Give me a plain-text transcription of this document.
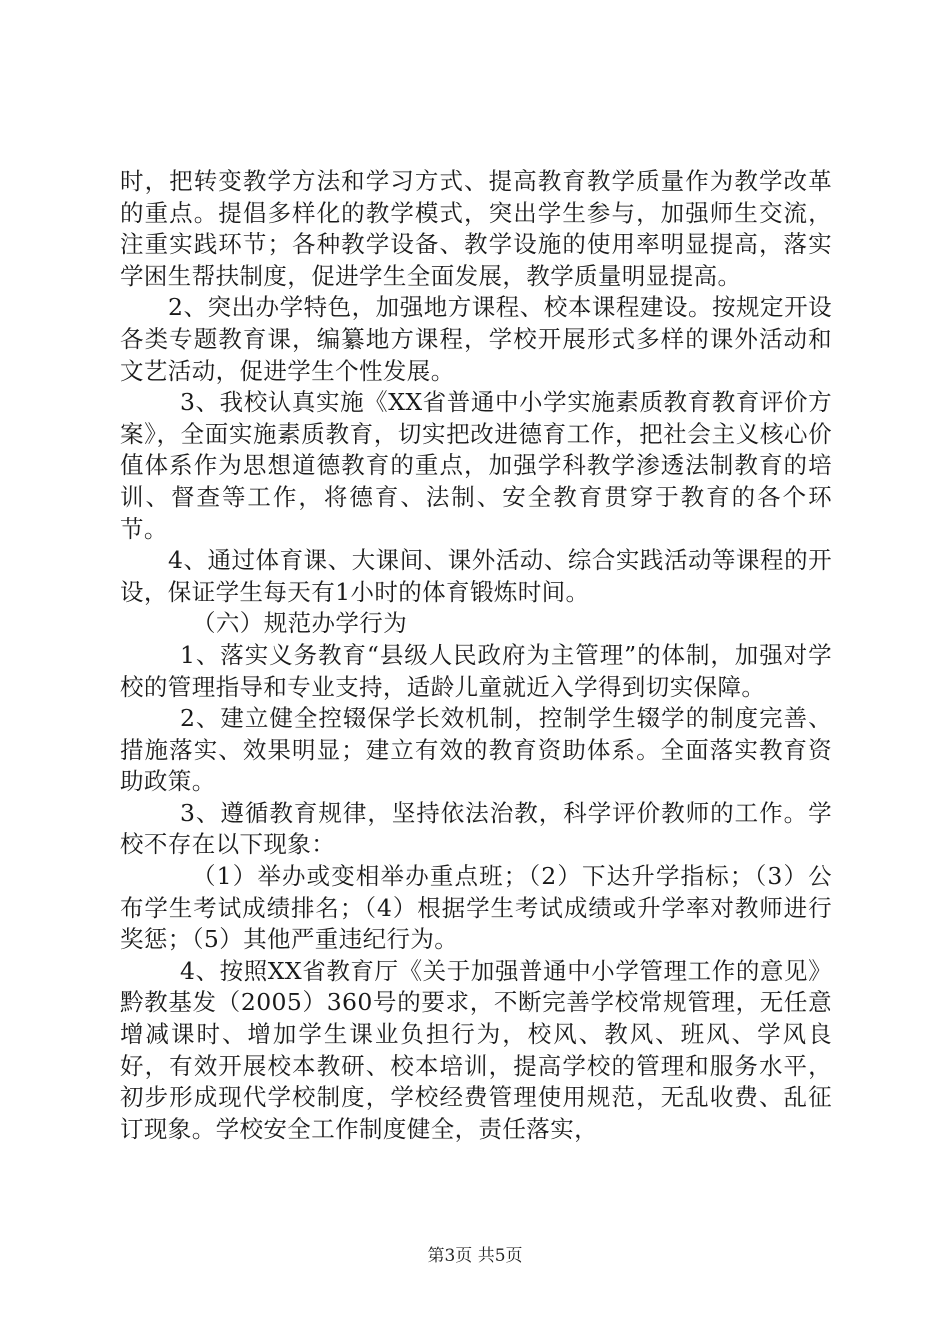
时，把转变教学方法和学习方式、提高教育教学质量作为教学改革的重点。提倡多样化的教学模式，突出学生参与，加强师生交流，注重实践环节；各种教学设备、教学设施的使用率明显提高，落实学困生帮扶制度，促进学生全面发展，教学质量明显提高。

2、突出办学特色，加强地方课程、校本课程建设。按规定开设各类专题教育课，编纂地方课程，学校开展形式多样的课外活动和文艺活动，促进学生个性发展。

3、我校认真实施《XX省普通中小学实施素质教育教育评价方案》，全面实施素质教育，切实把改进德育工作，把社会主义核心价值体系作为思想道德教育的重点，加强学科教学渗透法制教育的培训、督查等工作，将德育、法制、安全教育贯穿于教育的各个环节。

4、通过体育课、大课间、课外活动、综合实践活动等课程的开设，保证学生每天有1小时的体育锻炼时间。

（六）规范办学行为

1、落实义务教育“县级人民政府为主管理”的体制，加强对学校的管理指导和专业支持，适龄儿童就近入学得到切实保障。

2、建立健全控辍保学长效机制，控制学生辍学的制度完善、措施落实、效果明显；建立有效的教育资助体系。全面落实教育资助政策。

3、遵循教育规律，坚持依法治教，科学评价教师的工作。学校不存在以下现象：

（1）举办或变相举办重点班；（2）下达升学指标；（3）公布学生考试成绩排名；（4）根据学生考试成绩或升学率对教师进行奖惩；（5）其他严重违纪行为。

4、按照XX省教育厅《关于加强普通中小学管理工作的意见》黔教基发（2005）360号的要求，不断完善学校常规管理，无任意增减课时、增加学生课业负担行为，校风、教风、班风、学风良好，有效开展校本教研、校本培训，提高学校的管理和服务水平，初步形成现代学校制度，学校经费管理使用规范，无乱收费、乱征订现象。学校安全工作制度健全，责任落实，

第3页 共5页
